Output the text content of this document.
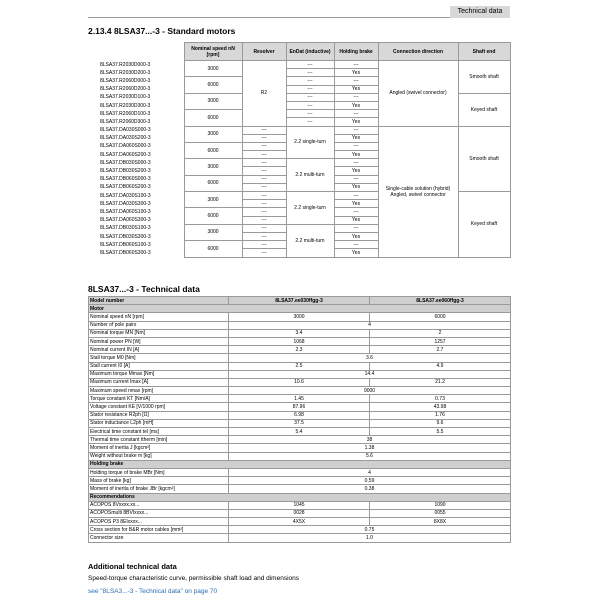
Technical data
2.13.4 8LSA37...-3 - Standard motors
	Nominal speed nN [rpm]	Resolver	EnDat (inductive)	Holding brake	Connection direction	Shaft end
8LSA37.R2030D000-3	3000	R2	---	---	Angled (swivel connector)	Smooth shaft
8LSA37.R2030D200-3			---	Yes		
8LSA37.R2060D000-3	6000		---	---		
8LSA37.R2060D200-3			---	Yes		
8LSA37.R2030D100-3	3000		---	---		Keyed shaft
8LSA37.R2030D300-3			---	Yes		
8LSA37.R2060D100-3	6000		---	---		
8LSA37.R2060D300-3			---	Yes		
8LSA37.DA030S000-3	3000	---	2.2 single-turn	---	Single-cable solution (hybrid) Angled, swivel connector	Smooth shaft
8LSA37.DA030S200-3		---		Yes		
8LSA37.DA060S000-3	6000	---		---		
8LSA37.DA060S200-3		---		Yes		
8LSA37.DB030S000-3	3000	---	2.2 multi-turn	---		
8LSA37.DB030S200-3		---		Yes		
8LSA37.DB060S000-3	6000	---		---		
8LSA37.DB060S200-3		---		Yes		
8LSA37.DA030S100-3	3000	---	2.2 single-turn	---		Keyed shaft
8LSA37.DA030S300-3		---		Yes		
8LSA37.DA060S100-3	6000	---		---		
8LSA37.DA060S300-3		---		Yes		
8LSA37.DB030S100-3	3000	---	2.2 multi-turn	---		
8LSA37.DB030S300-3		---		Yes		
8LSA37.DB060S100-3	6000	---		---		
8LSA37.DB060S300-3		---		Yes		
8LSA37...-3 - Technical data
Model number	8LSA37.ee030ffgg-3	8LSA37.ee060ffgg-3
Motor		
Nominal speed nN [rpm]	3000	6000
Number of pole pairs	4	
Nominal torque MN [Nm]	3.4	2
Nominal power PN [W]	1068	1257
Nominal current IN [A]	2.3	2.7
Stall torque M0 [Nm]	3.6	
Stall current I0 [A]	2.5	4.9
Maximum torque Mmax [Nm]	14.4	
Maximum current Imax [A]	10.6	21.2
Maximum speed nmax [rpm]	9000	
Torque constant KT [Nm/A]	1.45	0.73
Voltage constant KE [V/1000 rpm]	87.96	43.98
Stator resistance R2ph [Ω]	6.98	1.76
Stator inductance L2ph [mH]	37.5	9.6
Electrical time constant tel [ms]	5.4	5.5
Thermal time constant ttherm [min]	38	
Moment of inertia J [kgcm²]	1.38	
Weight without brake m [kg]	5.6	
Holding brake		
Holding torque of brake MBr [Nm]	4	
Mass of brake [kg]	0.59	
Moment of inertia of brake JBr [kgcm²]	0.38	
Recommendations		
ACOPOS 8Vxxxx.xx...	1045	1090
ACOPOSmulti 8BVIxxxx...	0028	0055
ACOPOS P3 8EIxxxx...	4X5X	8X8X
Cross section for B&R motor cables [mm²]	0.75	
Connector size	1.0	
Additional technical data

Speed-torque characteristic curve, permissible shaft load and dimensions

see "8LSA3...-3 - Technical data" on page 70
